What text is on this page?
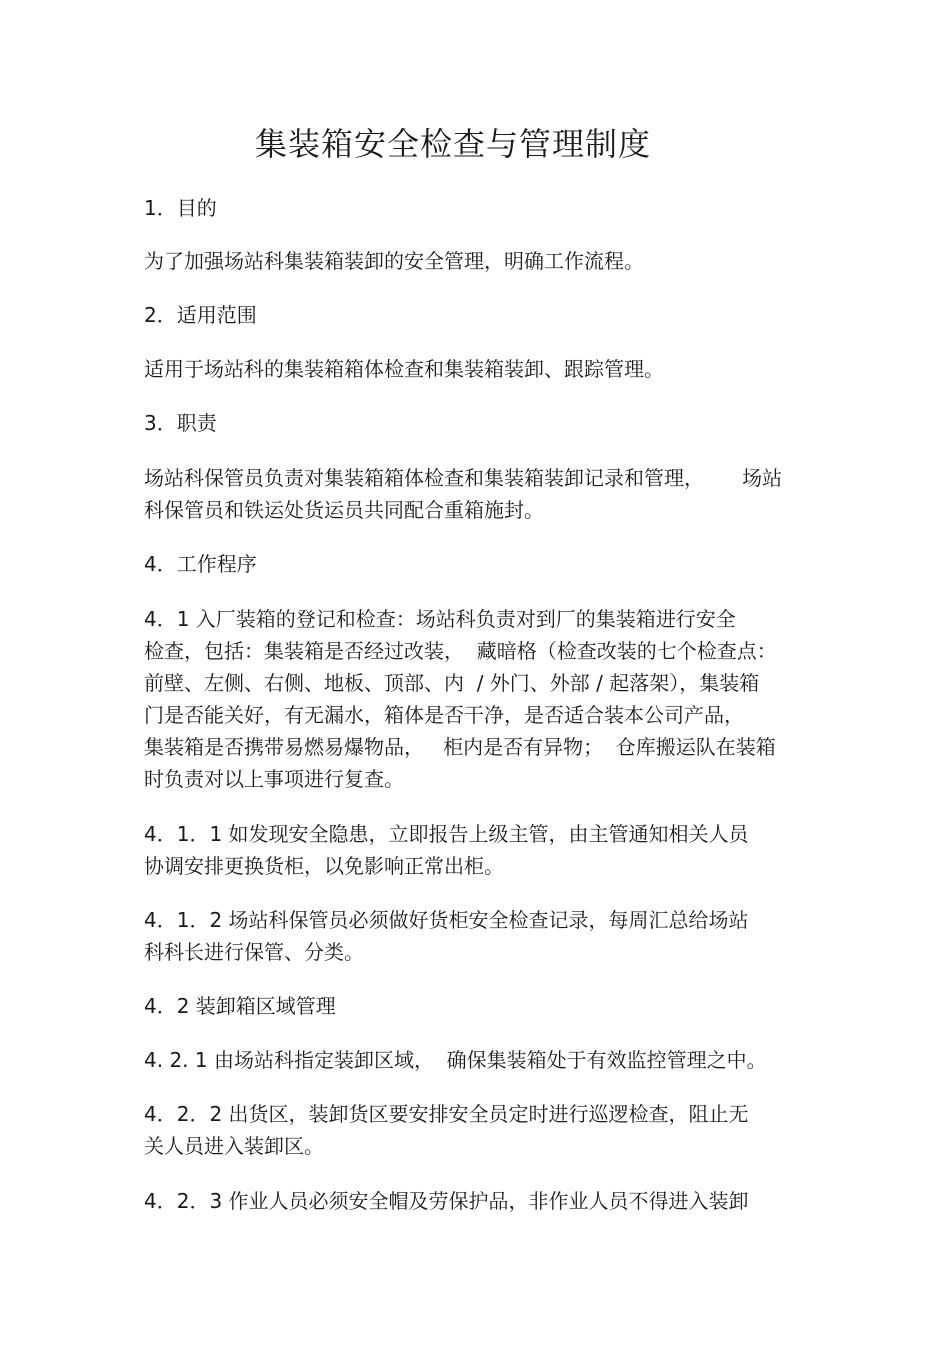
集装箱安全检查与管理制度
1．目的
为了加强场站科集装箱装卸的安全管理，明确工作流程。
2．适用范围
适用于场站科的集装箱箱体检查和集装箱装卸、跟踪管理。
3．职责
场站科保管员负责对集装箱箱体检查和集装箱装卸记录和管理，      场站
科保管员和铁运处货运员共同配合重箱施封。
4．工作程序
4．1 入厂装箱的登记和检查：场站科负责对到厂的集装箱进行安全
检查，包括：集装箱是否经过改装，  藏暗格（检查改装的七个检查点：
前壁、左侧、右侧、地板、顶部、内  / 外门、外部 / 起落架），集装箱
门是否能关好，有无漏水，箱体是否干净，是否适合装本公司产品，
集装箱是否携带易燃易爆物品，   柜内是否有异物；  仓库搬运队在装箱
时负责对以上事项进行复查。
4．1．1 如发现安全隐患，立即报告上级主管，由主管通知相关人员
协调安排更换货柜，以免影响正常出柜。
4．1．2 场站科保管员必须做好货柜安全检查记录，每周汇总给场站
科科长进行保管、分类。
4．2 装卸箱区域管理
4. 2. 1 由场站科指定装卸区域，  确保集装箱处于有效监控管理之中。
4．2．2 出货区，装卸货区要安排安全员定时进行巡逻检查，阻止无
关人员进入装卸区。
4．2．3 作业人员必须安全帽及劳保护品，非作业人员不得进入装卸
